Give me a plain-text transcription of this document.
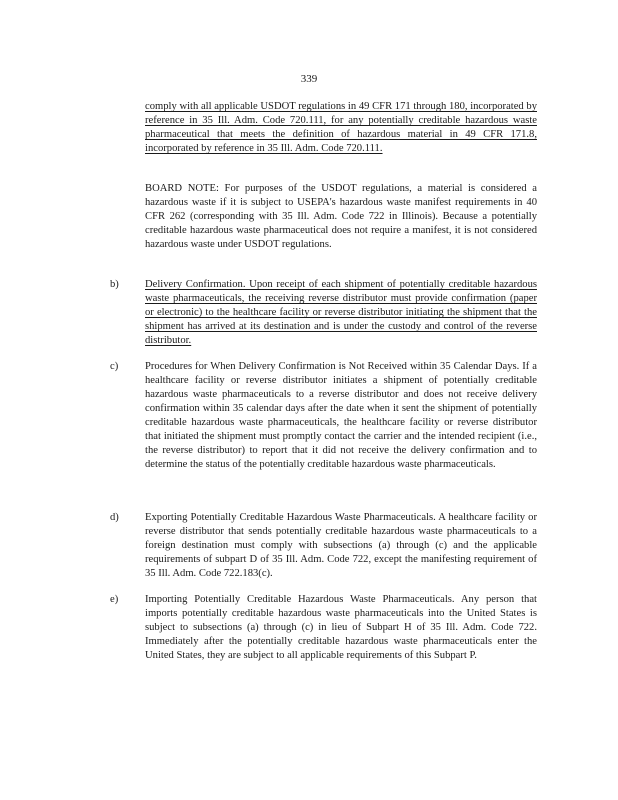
339
comply with all applicable USDOT regulations in 49 CFR 171 through 180, incorporated by reference in 35 Ill. Adm. Code 720.111, for any potentially creditable hazardous waste pharmaceutical that meets the definition of hazardous material in 49 CFR 171.8, incorporated by reference in 35 Ill. Adm. Code 720.111.
BOARD NOTE: For purposes of the USDOT regulations, a material is considered a hazardous waste if it is subject to USEPA's hazardous waste manifest requirements in 40 CFR 262 (corresponding with 35 Ill. Adm. Code 722 in Illinois). Because a potentially creditable hazardous waste pharmaceutical does not require a manifest, it is not considered hazardous waste under USDOT regulations.
b) Delivery Confirmation. Upon receipt of each shipment of potentially creditable hazardous waste pharmaceuticals, the receiving reverse distributor must provide confirmation (paper or electronic) to the healthcare facility or reverse distributor initiating the shipment that the shipment has arrived at its destination and is under the custody and control of the reverse distributor.
c)	Procedures for When Delivery Confirmation is Not Received within 35 Calendar Days. If a healthcare facility or reverse distributor initiates a shipment of potentially creditable hazardous waste pharmaceuticals to a reverse distributor and does not receive delivery confirmation within 35 calendar days after the date when it sent the shipment of potentially creditable hazardous waste pharmaceuticals, the healthcare facility or reverse distributor that initiated the shipment must promptly contact the carrier and the intended recipient (i.e., the reverse distributor) to report that it did not receive the delivery confirmation and to determine the status of the potentially creditable hazardous waste pharmaceuticals.
d) Exporting Potentially Creditable Hazardous Waste Pharmaceuticals. A healthcare facility or reverse distributor that sends potentially creditable hazardous waste pharmaceuticals to a foreign destination must comply with subsections (a) through (c) and the applicable requirements of subpart D of 35 Ill. Adm. Code 722, except the manifesting requirement of 35 Ill. Adm. Code 722.183(c).
e)	Importing Potentially Creditable Hazardous Waste Pharmaceuticals. Any person that imports potentially creditable hazardous waste pharmaceuticals into the United States is subject to subsections (a) through (c) in lieu of Subpart H of 35 Ill. Adm. Code 722. Immediately after the potentially creditable hazardous waste pharmaceuticals enter the United States, they are subject to all applicable requirements of this Subpart P.
